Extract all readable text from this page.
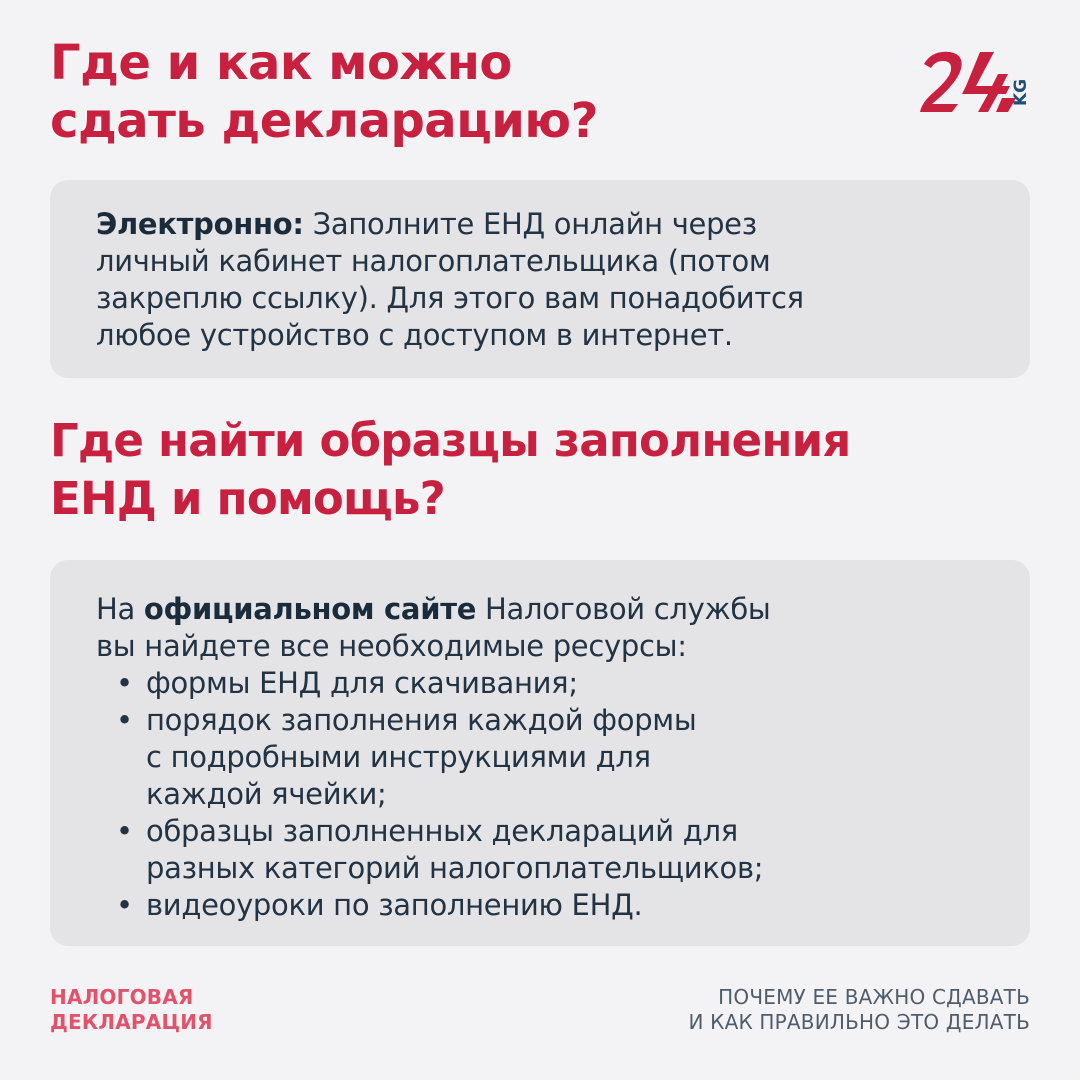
Где и как можно
сдать декларацию?
KG
Электронно: Заполните ЕНД онлайн через
личный кабинет налогоплательщика (потом
закреплю ссылку). Для этого вам понадобится
любое устройство с доступом в интернет.
Где найти образцы заполнения
ЕНД и помощь?
На официальном сайте Налоговой службы
вы найдете все необходимые ресурсы:
• формы ЕНД для скачивания;
• порядок заполнения каждой формы
с подробными инструкциями для
каждой ячейки;
• образцы заполненных деклараций для
разных категорий налогоплательщиков;
• видеоуроки по заполнению ЕНД.
НАЛОГОВАЯ
ДЕКЛАРАЦИЯ
ПОЧЕМУ ЕЕ ВАЖНО СДАВАТЬ
И КАК ПРАВИЛЬНО ЭТО ДЕЛАТЬ
